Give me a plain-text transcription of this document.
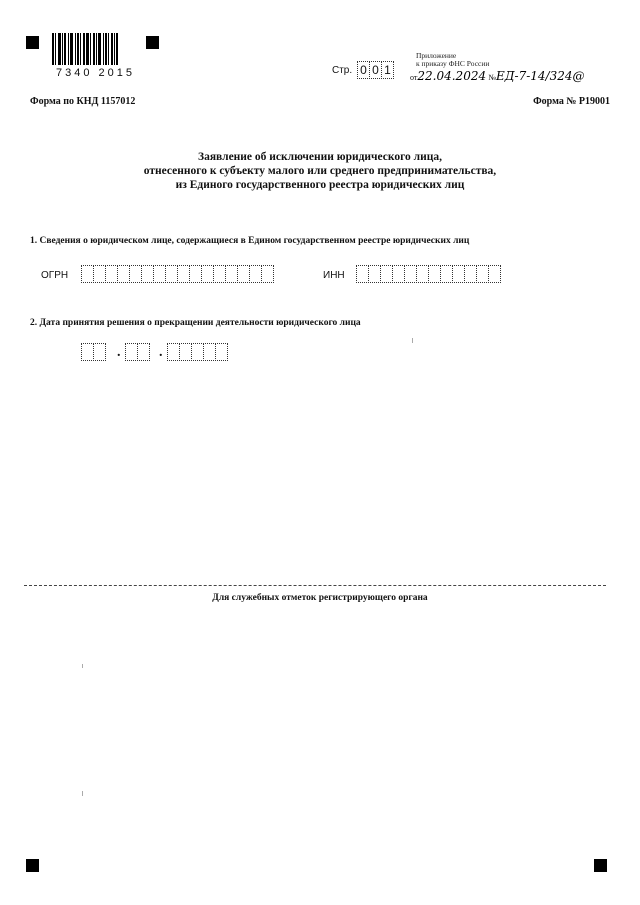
7340 2015	Стр. 0 0 1
Приложение
к приказу ФНС России
от22.04.2024 №ЕД-7-14/324@
Форма по КНД 1157012	Форма № Р19001
Заявление об исключении юридического лица,
отнесенного к субъекту малого или среднего предпринимательства,
из Единого государственного реестра юридических лиц
1. Сведения о юридическом лице, содержащиеся в Едином государственном реестре юридических лиц
ОГРН	ИНН
2. Дата принятия решения о прекращении деятельности юридического лица
.	.
Для служебных отметок регистрирующего органа
